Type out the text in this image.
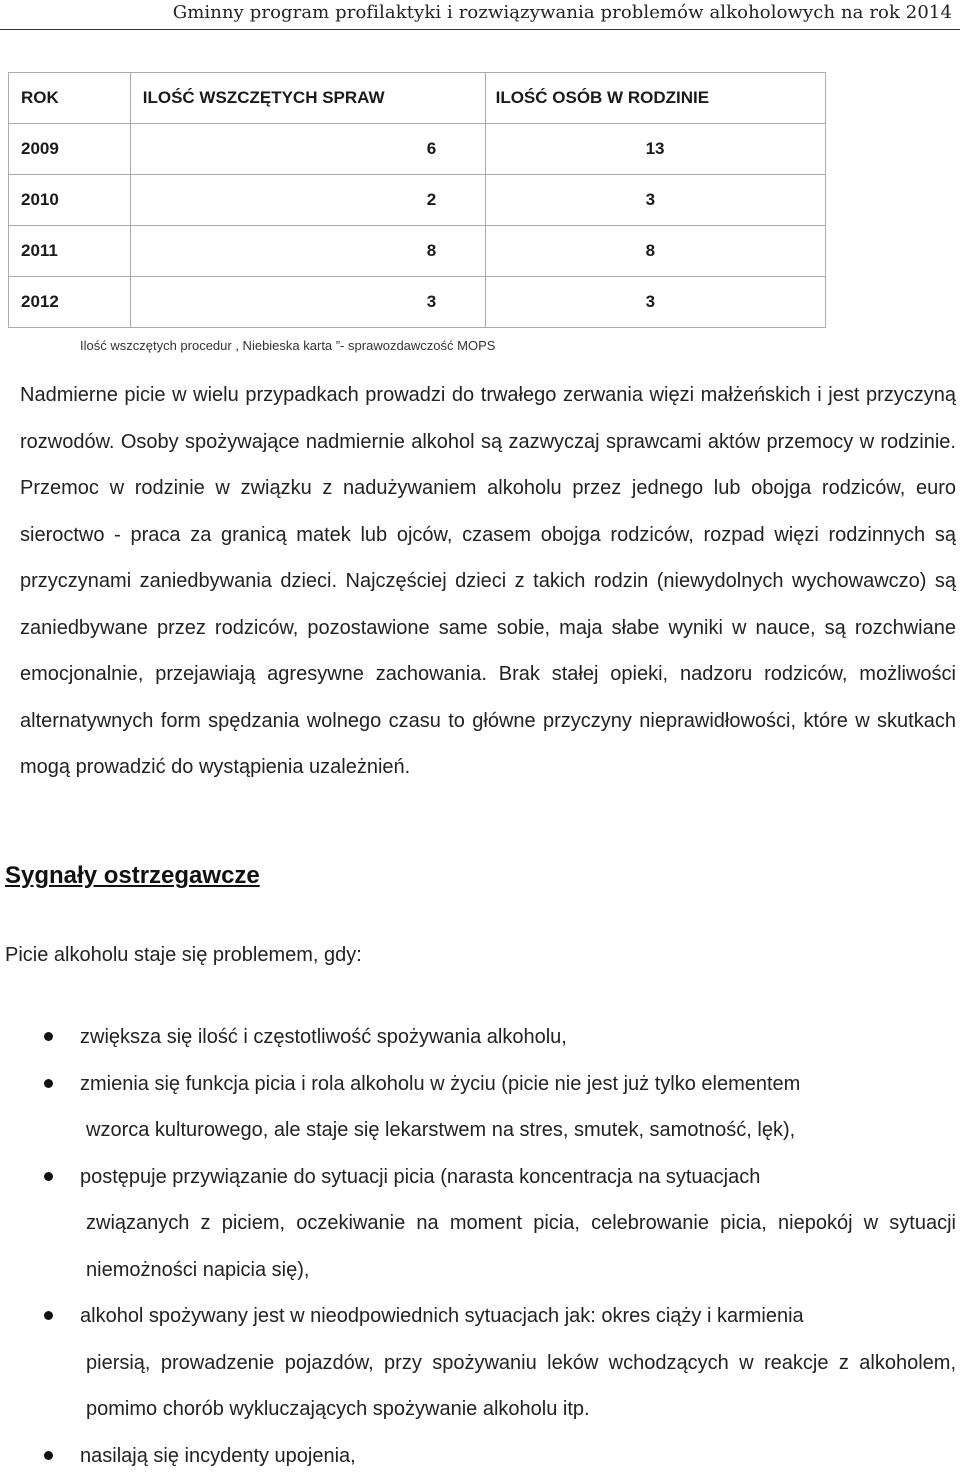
Gminny program profilaktyki i rozwiązywania problemów alkoholowych na rok 2014
ROK	ILOŚĆ WSZCZĘTYCH SPRAW	ILOŚĆ OSÓB W RODZINIE
2009	6	13
2010	2	3
2011	8	8
2012	3	3
Ilość wszczętych procedur , Niebieska karta ”- sprawozdawczość MOPS
Nadmierne picie w wielu przypadkach prowadzi do trwałego zerwania więzi małżeńskich i jest przyczyną rozwodów. Osoby spożywające nadmiernie alkohol są zazwyczaj sprawcami aktów przemocy w rodzinie. Przemoc w rodzinie w związku z nadużywaniem alkoholu przez jednego lub obojga rodziców, euro sieroctwo - praca za granicą matek lub ojców, czasem obojga rodziców, rozpad więzi rodzinnych są przyczynami zaniedbywania dzieci. Najczęściej dzieci z takich rodzin (niewydolnych wychowawczo) są zaniedbywane przez rodziców, pozostawione same sobie, maja słabe wyniki w nauce, są rozchwiane emocjonalnie, przejawiają agresywne zachowania. Brak stałej opieki, nadzoru rodziców, możliwości alternatywnych form spędzania wolnego czasu to główne przyczyny nieprawidłowości, które w skutkach mogą prowadzić do wystąpienia uzależnień.
Sygnały ostrzegawcze
Picie alkoholu staje się problemem, gdy:
zwiększa się ilość i częstotliwość spożywania alkoholu,
zmienia się funkcja picia i rola alkoholu w życiu (picie nie jest już tylko elementem
wzorca kulturowego, ale staje się lekarstwem na stres, smutek, samotność, lęk),
postępuje przywiązanie do sytuacji picia (narasta koncentracja na sytuacjach
związanych z piciem, oczekiwanie na moment picia, celebrowanie picia, niepokój w sytuacji niemożności napicia się),
alkohol spożywany jest w nieodpowiednich sytuacjach jak: okres ciąży i karmienia
piersią, prowadzenie pojazdów, przy spożywaniu leków wchodzących w reakcje z alkoholem, pomimo chorób wykluczających spożywanie alkoholu itp.
nasilają się incydenty upojenia,
